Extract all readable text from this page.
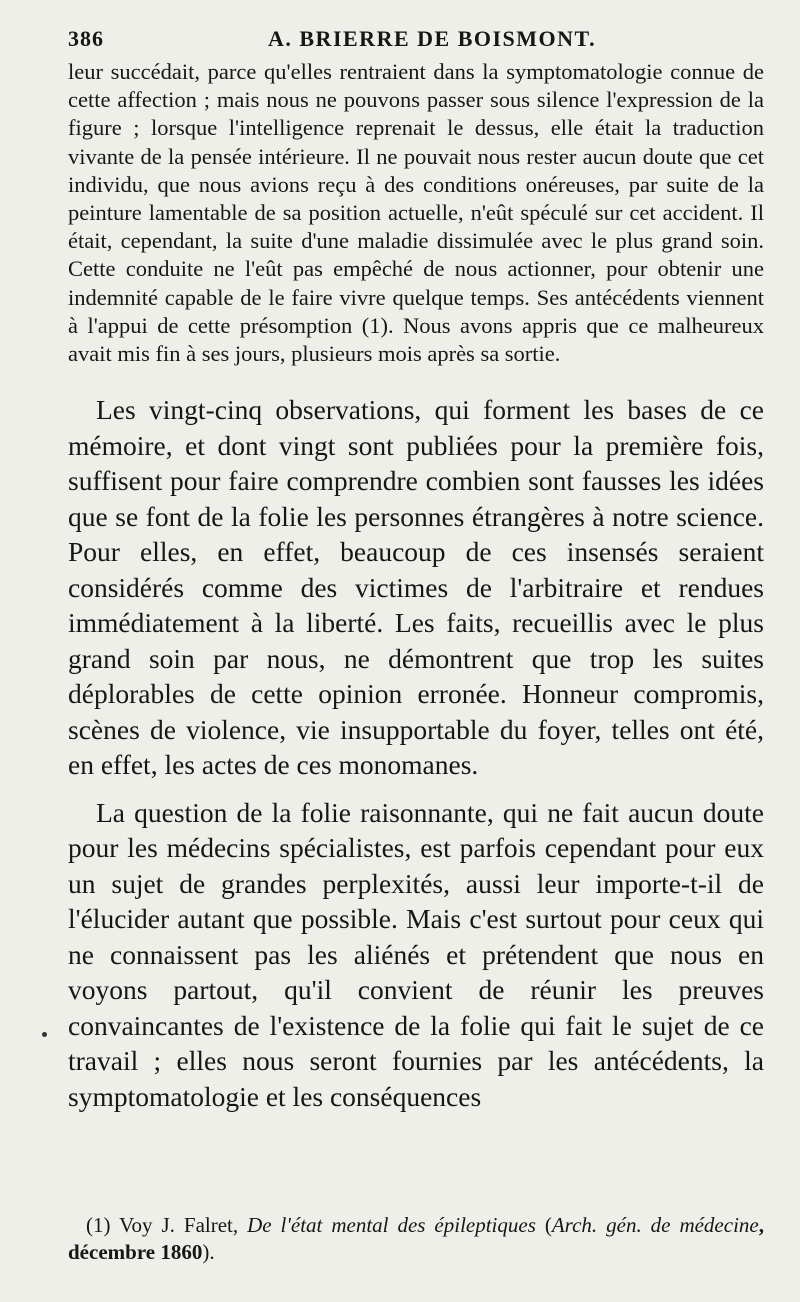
386	A. BRIERRE DE BOISMONT.

leur succédait, parce qu'elles rentraient dans la symptomatologie connue de cette affection ; mais nous ne pouvons passer sous silence l'expression de la figure ; lorsque l'intelligence reprenait le dessus, elle était la traduction vivante de la pensée intérieure. Il ne pouvait nous rester aucun doute que cet individu, que nous avions reçu à des conditions onéreuses, par suite de la peinture lamentable de sa position actuelle, n'eût spéculé sur cet accident. Il était, cependant, la suite d'une maladie dissimulée avec le plus grand soin. Cette conduite ne l'eût pas empêché de nous actionner, pour obtenir une indemnité capable de le faire vivre quelque temps. Ses antécédents viennent à l'appui de cette présomption (1). Nous avons appris que ce malheureux avait mis fin à ses jours, plusieurs mois après sa sortie.

Les vingt-cinq observations, qui forment les bases de ce mémoire, et dont vingt sont publiées pour la première fois, suffisent pour faire comprendre combien sont fausses les idées que se font de la folie les personnes étrangères à notre science. Pour elles, en effet, beaucoup de ces insensés seraient considérés comme des victimes de l'arbitraire et rendues immédiatement à la liberté. Les faits, recueillis avec le plus grand soin par nous, ne démontrent que trop les suites déplorables de cette opinion erronée. Honneur compromis, scènes de violence, vie insupportable du foyer, telles ont été, en effet, les actes de ces monomanes.

La question de la folie raisonnante, qui ne fait aucun doute pour les médecins spécialistes, est parfois cependant pour eux un sujet de grandes perplexités, aussi leur importe-t-il de l'élucider autant que possible. Mais c'est surtout pour ceux qui ne connaissent pas les aliénés et prétendent que nous en voyons partout, qu'il convient de réunir les preuves convaincantes de l'existence de la folie qui fait le sujet de ce travail ; elles nous seront fournies par les antécédents, la symptomatologie et les conséquences

(1) Voy J. Falret, De l'état mental des épileptiques (Arch. gén. de médecine, décembre 1860).
